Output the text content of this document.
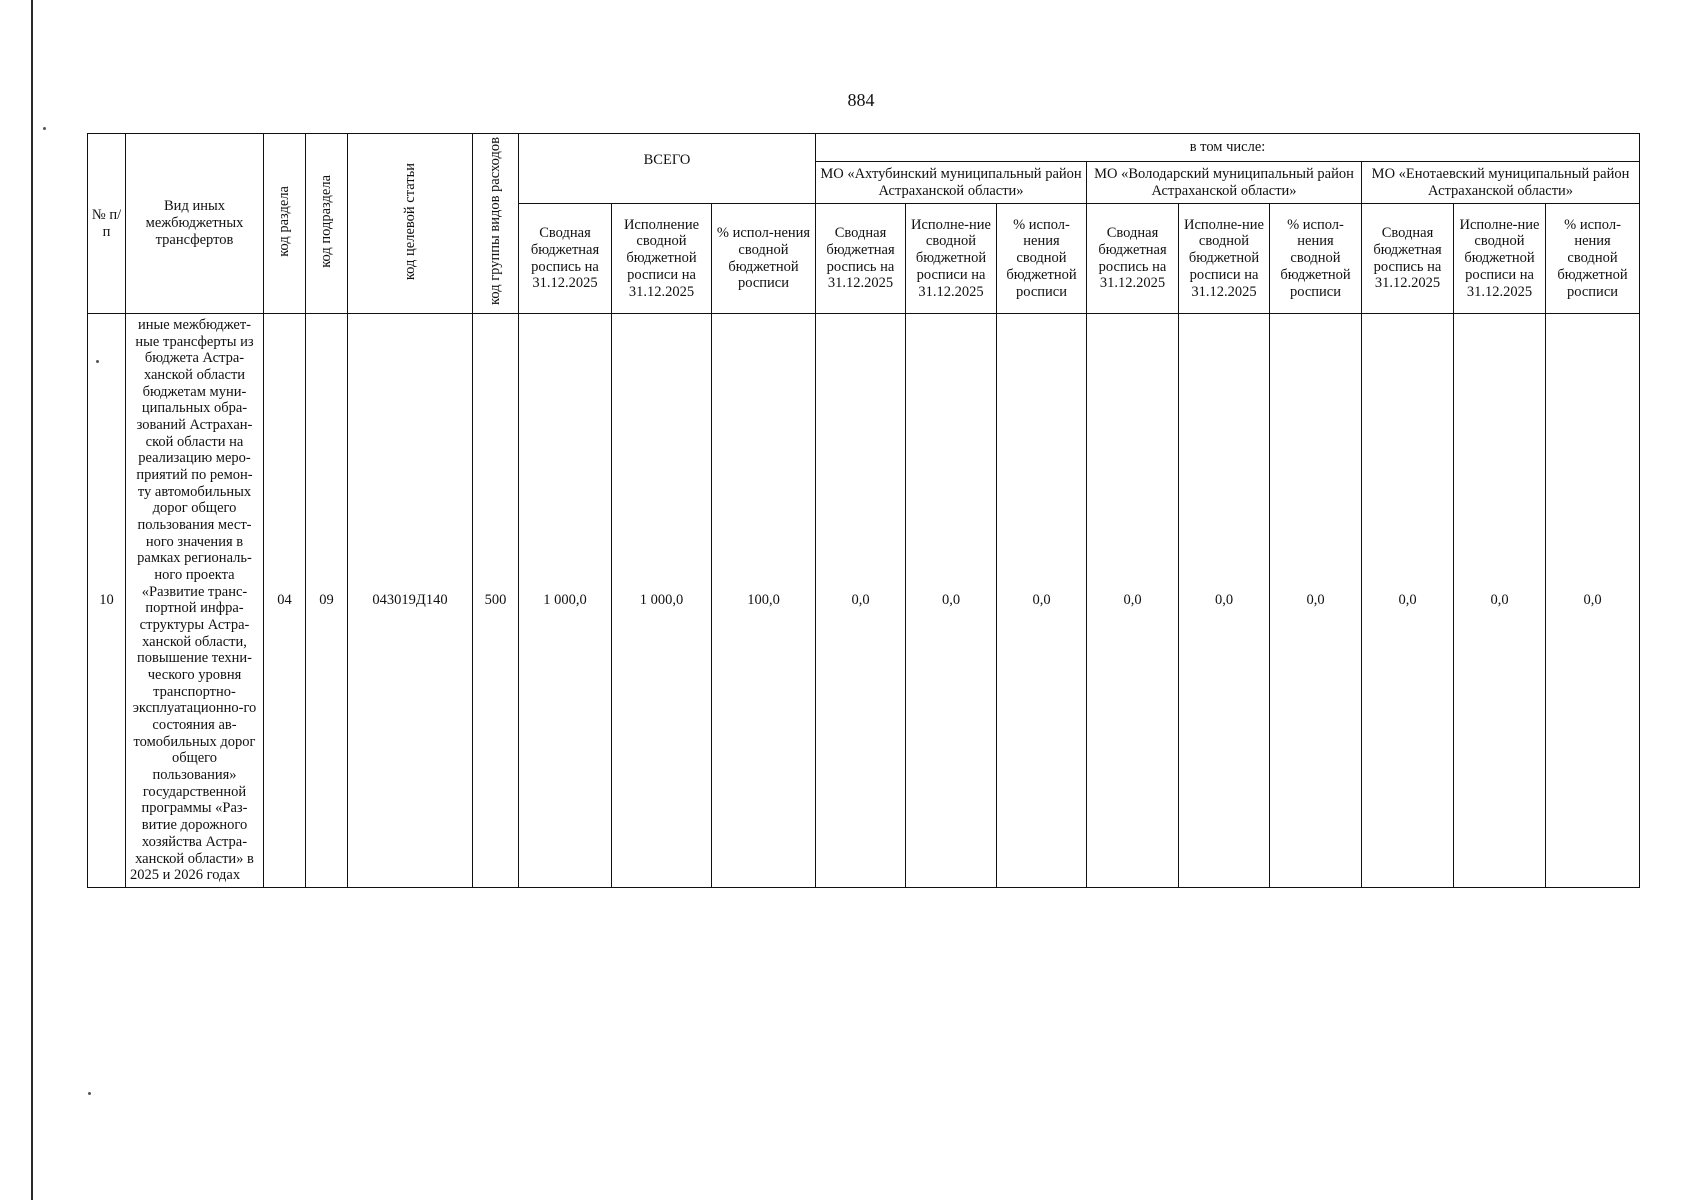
884
№ п/п	Вид иных межбюджетных трансфертов	код раздела	код подраздела	код целевой статьи	код группы видов расходов	ВСЕГО			в том числе:								
									МО «Ахтубинский муниципальный район Астраханской области»			МО «Володарский муниципальный район Астраханской области»			МО «Енотаевский муниципальный район Астраханской области»		
						Сводная бюджетная роспись на 31.12.2025	Исполнение сводной бюджетной росписи на 31.12.2025	% испол-нения сводной бюджетной росписи	Сводная бюджетная роспись на 31.12.2025	Исполне-ние сводной бюджетной росписи на 31.12.2025	% испол-нения сводной бюджетной росписи	Сводная бюджетная роспись на 31.12.2025	Исполне-ние сводной бюджетной росписи на 31.12.2025	% испол-нения сводной бюджетной росписи	Сводная бюджетная роспись на 31.12.2025	Исполне-ние сводной бюджетной росписи на 31.12.2025	% испол-нения сводной бюджетной росписи
10	иные межбюджет-ные трансферты из бюджета Астра-ханской области бюджетам муни-ципальных обра-зований Астрахан-ской области на реализацию меро-приятий по ремон-ту автомобильных дорог общего пользования мест-ного значения в рамках региональ-ного проекта «Развитие транс-портной инфра-структуры Астра-ханской области, повышение техни-ческого уровня транспортно-эксплуатационно-го состояния ав-томобильных дорог общего пользования» государственной программы «Раз-витие дорожного хозяйства Астра-ханской области» в 2025 и 2026 годах	04	09	043019Д140	500	1 000,0	1 000,0	100,0	0,0	0,0	0,0	0,0	0,0	0,0	0,0	0,0	0,0
